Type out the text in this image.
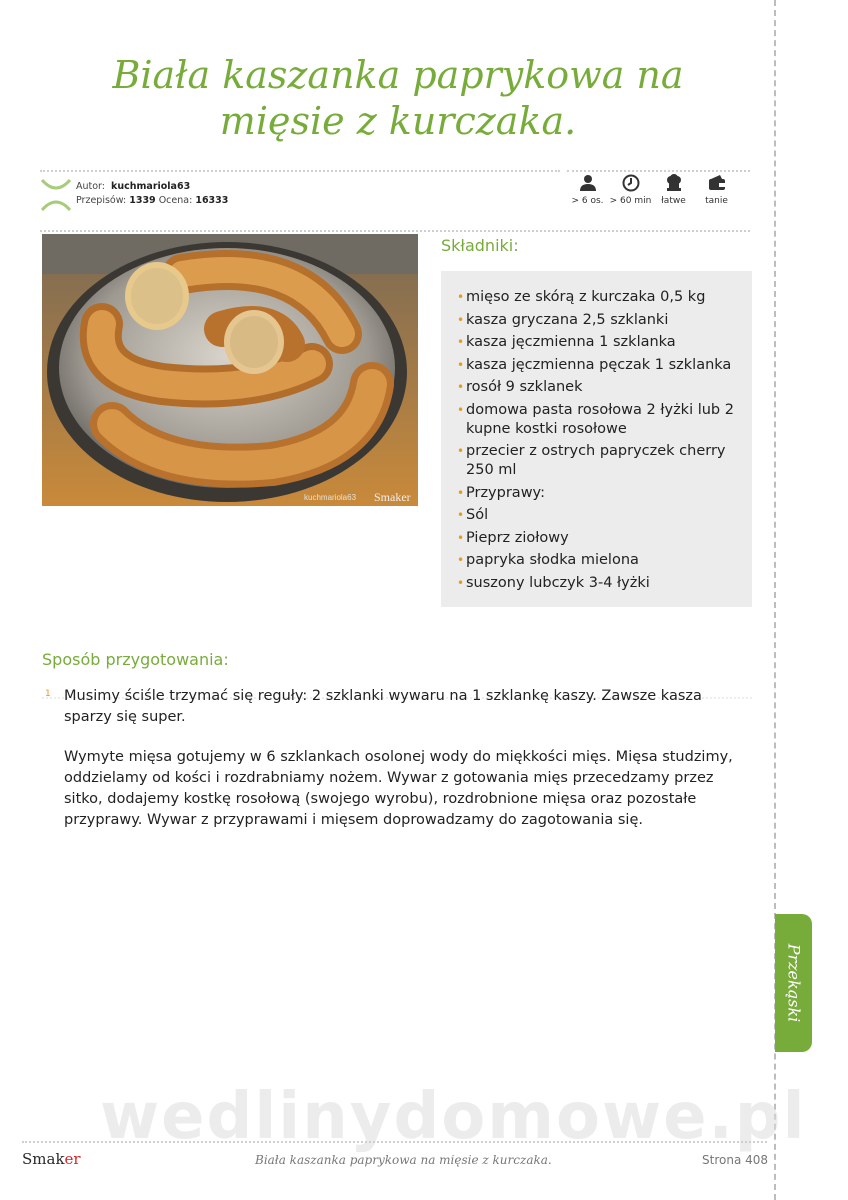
Biała kaszanka paprykowa na
mięsie z kurczaka.
Autor: kuchmariola63
Przepisów: 1339 Ocena: 16333	> 6 os. > 60 min	łatwe	tanie
kuchmariola63 Smaker
Składniki:
• mięso ze skórą z kurczaka 0,5 kg
• kasza gryczana 2,5 szklanki
• kasza jęczmienna 1 szklanka
• kasza jęczmienna pęczak 1 szklanka
• rosół 9 szklanek
• domowa pasta rosołowa 2 łyżki lub 2 kupne kostki rosołowe
• przecier z ostrych papryczek cherry 250 ml
• Przyprawy:
• Sól
• Pieprz ziołowy
• papryka słodka mielona
• suszony lubczyk 3-4 łyżki
Sposób przygotowania:
1 Musimy ściśle trzymać się reguły: 2 szklanki wywaru na 1 szklankę kaszy. Zawsze kasza sparzy się super.

Wymyte mięsa gotujemy w 6 szklankach osolonej wody do miękkości mięs. Mięsa studzimy, oddzielamy od kości i rozdrabniamy nożem. Wywar z gotowania mięs przecedzamy przez sitko, dodajemy kostkę rosołową (swojego wyrobu), rozdrobnione mięsa oraz pozostałe przyprawy. Wywar z przyprawami i mięsem doprowadzamy do zagotowania się.

Przekąski
wedlinydomowe.pl
Smaker	Biała kaszanka paprykowa na mięsie z kurczaka.	Strona 408
